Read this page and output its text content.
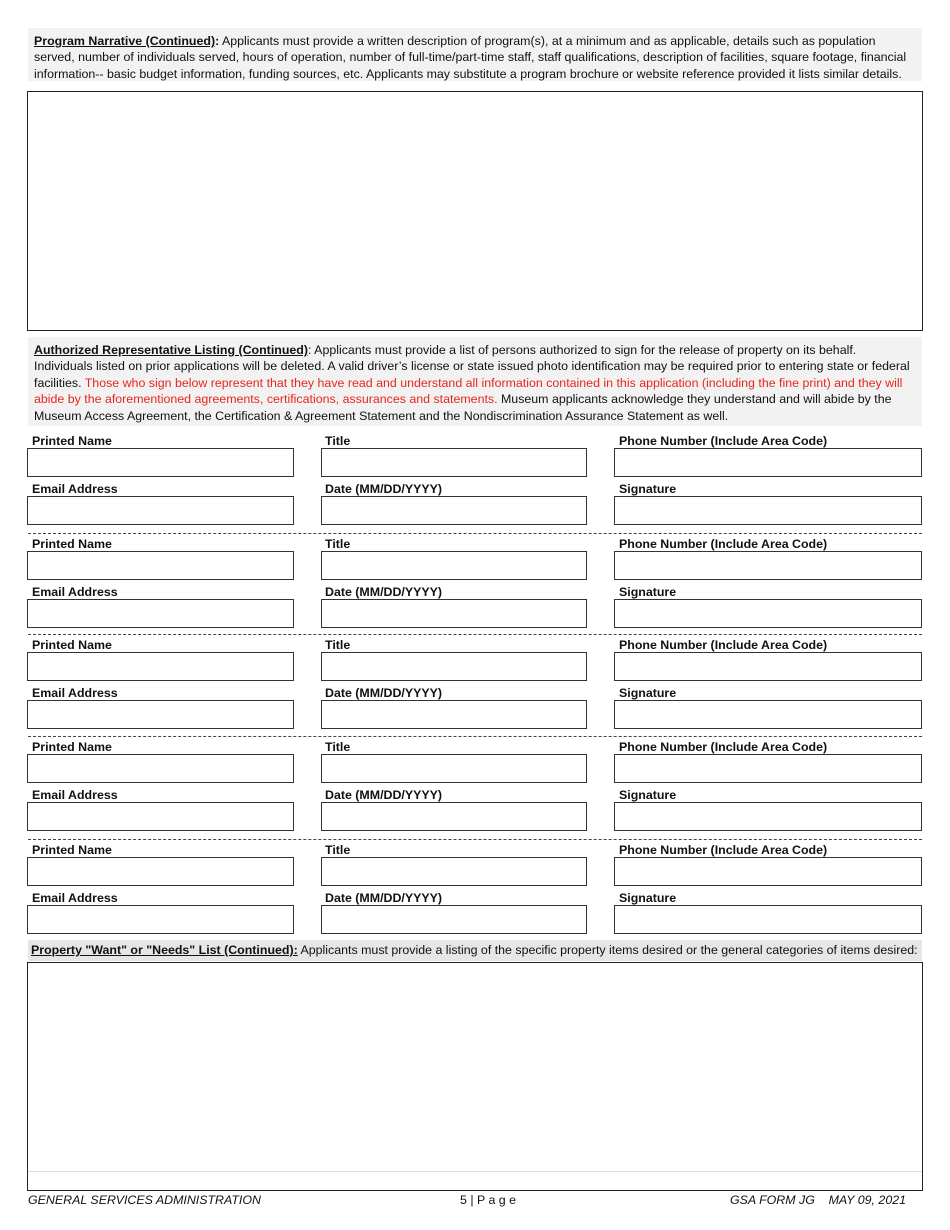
Program Narrative (Continued): Applicants must provide a written description of program(s), at a minimum and as applicable, details such as population served, number of individuals served, hours of operation, number of full-time/part-time staff, staff qualifications, description of facilities, square footage, financial information-- basic budget information, funding sources, etc. Applicants may substitute a program brochure or website reference provided it lists similar details.
Authorized Representative Listing (Continued): Applicants must provide a list of persons authorized to sign for the release of property on its behalf. Individuals listed on prior applications will be deleted. A valid driver’s license or state issued photo identification may be required prior to entering state or federal facilities. Those who sign below represent that they have read and understand all information contained in this application (including the fine print) and they will abide by the aforementioned agreements, certifications, assurances and statements. Museum applicants acknowledge they understand and will abide by the Museum Access Agreement, the Certification & Agreement Statement and the Nondiscrimination Assurance Statement as well.
Printed Name	Title	Phone Number (Include Area Code)
Email Address	Date (MM/DD/YYYY)	Signature
Printed Name	Title	Phone Number (Include Area Code)
Email Address	Date (MM/DD/YYYY)	Signature
Printed Name	Title	Phone Number (Include Area Code)
Email Address	Date (MM/DD/YYYY)	Signature
Printed Name	Title	Phone Number (Include Area Code)
Email Address	Date (MM/DD/YYYY)	Signature
Printed Name	Title	Phone Number (Include Area Code)
Email Address	Date (MM/DD/YYYY)	Signature
Property "Want" or "Needs" List (Continued): Applicants must provide a listing of the specific property items desired or the general categories of items desired:
GENERAL SERVICES ADMINISTRATION	5 | P a g e	GSA FORM JG    MAY 09, 2021
